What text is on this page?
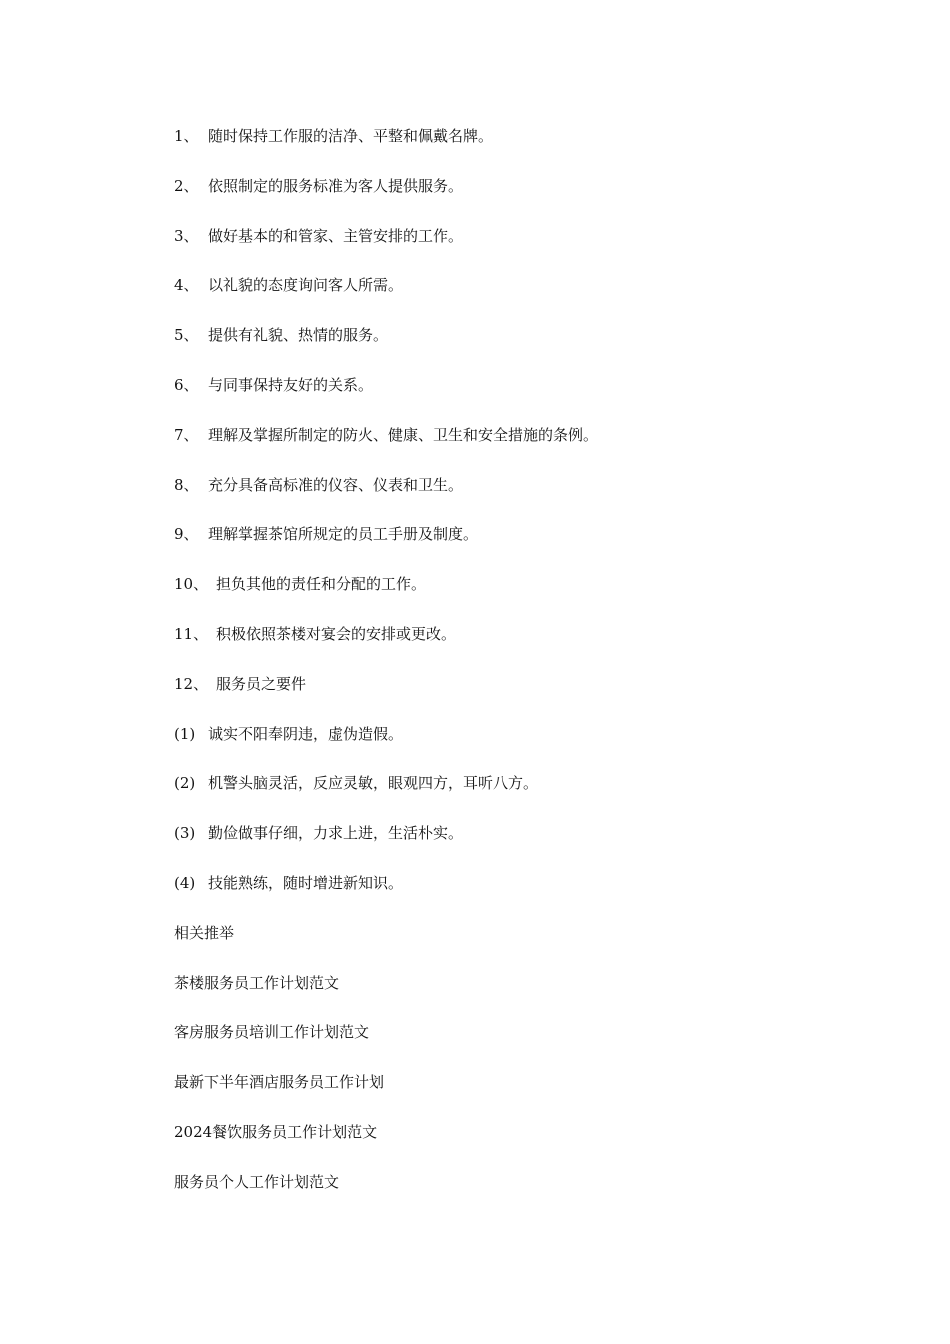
1、 随时保持工作服的洁净、平整和佩戴名牌。
2、 依照制定的服务标准为客人提供服务。
3、 做好基本的和管家、主管安排的工作。
4、 以礼貌的态度询问客人所需。
5、 提供有礼貌、热情的服务。
6、 与同事保持友好的关系。
7、 理解及掌握所制定的防火、健康、卫生和安全措施的条例。
8、 充分具备高标准的仪容、仪表和卫生。
9、 理解掌握茶馆所规定的员工手册及制度。
10、 担负其他的责任和分配的工作。
11、 积极依照茶楼对宴会的安排或更改。
12、 服务员之要件
(1) 诚实不阳奉阴违，虚伪造假。
(2) 机警头脑灵活，反应灵敏，眼观四方，耳听八方。
(3) 勤俭做事仔细，力求上进，生活朴实。
(4) 技能熟练，随时增进新知识。
相关推举
茶楼服务员工作计划范文
客房服务员培训工作计划范文
最新下半年酒店服务员工作计划
2024餐饮服务员工作计划范文
服务员个人工作计划范文
